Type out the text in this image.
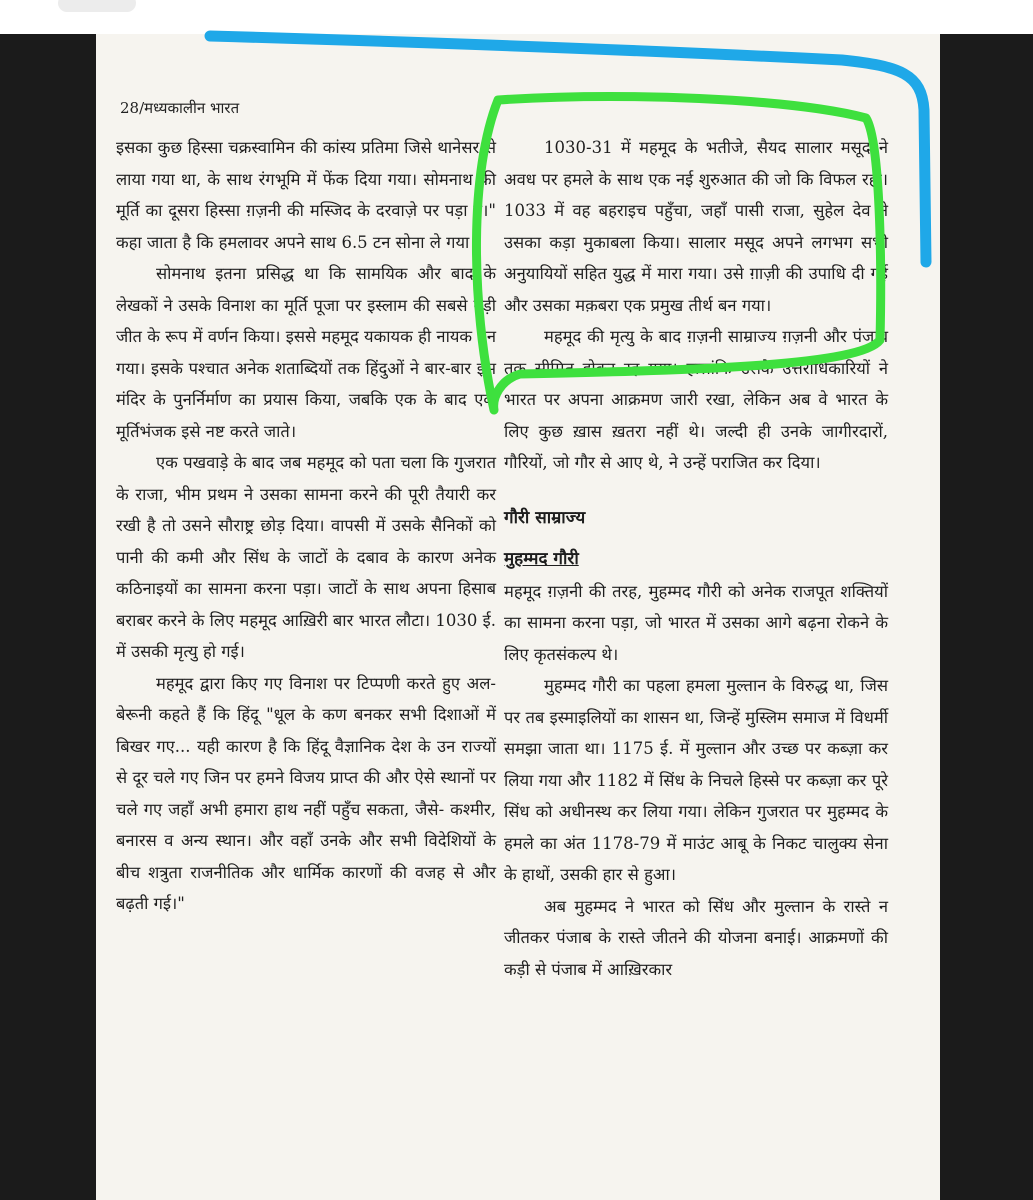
28/मध्यकालीन भारत

इसका कुछ हिस्सा चक्रस्वामिन की कांस्य प्रतिमा जिसे थानेसर से लाया गया था, के साथ रंगभूमि में फेंक दिया गया। सोमनाथ की मूर्ति का दूसरा हिस्सा ग़ज़नी की मस्जिद के दरवाज़े पर पड़ा है।" कहा जाता है कि हमलावर अपने साथ 6.5 टन सोना ले गया।

सोमनाथ इतना प्रसिद्ध था कि सामयिक और बाद के लेखकों ने उसके विनाश का मूर्ति पूजा पर इस्लाम की सबसे बड़ी जीत के रूप में वर्णन किया। इससे महमूद यकायक ही नायक बन गया। इसके पश्चात अनेक शताब्दियों तक हिंदुओं ने बार-बार इस मंदिर के पुनर्निर्माण का प्रयास किया, जबकि एक के बाद एक मूर्तिभंजक इसे नष्ट करते जाते।

एक पखवाड़े के बाद जब महमूद को पता चला कि गुजरात के राजा, भीम प्रथम ने उसका सामना करने की पूरी तैयारी कर रखी है तो उसने सौराष्ट्र छोड़ दिया। वापसी में उसके सैनिकों को पानी की कमी और सिंध के जाटों के दबाव के कारण अनेक कठिनाइयों का सामना करना पड़ा। जाटों के साथ अपना हिसाब बराबर करने के लिए महमूद आख़िरी बार भारत लौटा। 1030 ई. में उसकी मृत्यु हो गई।

महमूद द्वारा किए गए विनाश पर टिप्पणी करते हुए अल-बेरूनी कहते हैं कि हिंदू "धूल के कण बनकर सभी दिशाओं में बिखर गए... यही कारण है कि हिंदू वैज्ञानिक देश के उन राज्यों से दूर चले गए जिन पर हमने विजय प्राप्त की और ऐसे स्थानों पर चले गए जहाँ अभी हमारा हाथ नहीं पहुँच सकता, जैसे- कश्मीर, बनारस व अन्य स्थान। और वहाँ उनके और सभी विदेशियों के बीच शत्रुता राजनीतिक और धार्मिक कारणों की वजह से और बढ़ती गई।"

1030-31 में महमूद के भतीजे, सैयद सालार मसूद ने अवध पर हमले के साथ एक नई शुरुआत की जो कि विफल रहा। 1033 में वह बहराइच पहुँचा, जहाँ पासी राजा, सुहेल देव ने उसका कड़ा मुकाबला किया। सालार मसूद अपने लगभग सभी अनुयायियों सहित युद्ध में मारा गया। उसे ग़ाज़ी की उपाधि दी गई और उसका मक़बरा एक प्रमुख तीर्थ बन गया।

महमूद की मृत्यु के बाद ग़ज़नी साम्राज्य ग़ज़नी और पंजाब तक सीमित होकर रह गया। हालांकि उसके उत्तराधिकारियों ने भारत पर अपना आक्रमण जारी रखा, लेकिन अब वे भारत के लिए कुछ ख़ास ख़तरा नहीं थे। जल्दी ही उनके जागीरदारों, गौरियों, जो गौर से आए थे, ने उन्हें पराजित कर दिया।

गौरी साम्राज्य
मुहम्मद गौरी

महमूद ग़ज़नी की तरह, मुहम्मद गौरी को अनेक राजपूत शक्तियों का सामना करना पड़ा, जो भारत में उसका आगे बढ़ना रोकने के लिए कृतसंकल्प थे।

मुहम्मद गौरी का पहला हमला मुल्तान के विरुद्ध था, जिस पर तब इस्माइलियों का शासन था, जिन्हें मुस्लिम समाज में विधर्मी समझा जाता था। 1175 ई. में मुल्तान और उच्छ पर कब्ज़ा कर लिया गया और 1182 में सिंध के निचले हिस्से पर कब्ज़ा कर पूरे सिंध को अधीनस्थ कर लिया गया। लेकिन गुजरात पर मुहम्मद के हमले का अंत 1178-79 में माउंट आबू के निकट चालुक्य सेना के हाथों, उसकी हार से हुआ।

अब मुहम्मद ने भारत को सिंध और मुल्तान के रास्ते न जीतकर पंजाब के रास्ते जीतने की योजना बनाई। आक्रमणों की कड़ी से पंजाब में आख़िरकार
